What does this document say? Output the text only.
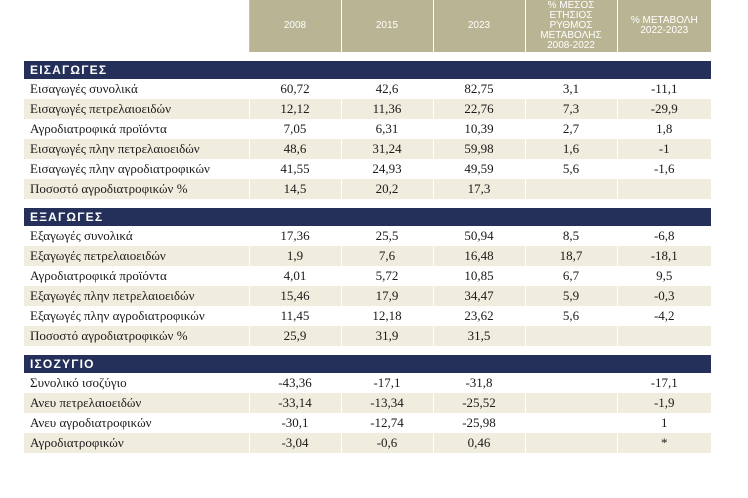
	2008	2015	2023	% ΜΕΣΟΣ ΕΤΗΣΙΟΣ ΡΥΘΜΟΣ ΜΕΤΑΒΟΛΗΣ 2008-2022	% ΜΕΤΑΒΟΛΗ 2022-2023

ΕΙΣΑΓΩΓΕΣ					
Εισαγωγές συνολικά	60,72	42,6	82,75	3,1	-11,1
Εισαγωγές πετρελαιοειδών	12,12	11,36	22,76	7,3	-29,9
Αγροδιατροφικά προϊόντα	7,05	6,31	10,39	2,7	1,8
Εισαγωγές πλην πετρελαιοειδών	48,6	31,24	59,98	1,6	-1
Εισαγωγές πλην αγροδιατροφικών	41,55	24,93	49,59	5,6	-1,6
Ποσοστό αγροδιατροφικών %	14,5	20,2	17,3		

ΕΞΑΓΩΓΕΣ					
Εξαγωγές συνολικά	17,36	25,5	50,94	8,5	-6,8
Εξαγωγές πετρελαιοειδών	1,9	7,6	16,48	18,7	-18,1
Αγροδιατροφικά προϊόντα	4,01	5,72	10,85	6,7	9,5
Εξαγωγές πλην πετρελαιοειδών	15,46	17,9	34,47	5,9	-0,3
Εξαγωγές πλην αγροδιατροφικών	11,45	12,18	23,62	5,6	-4,2
Ποσοστό αγροδιατροφικών %	25,9	31,9	31,5		

ΙΣΟΖΥΓΙΟ					
Συνολικό ισοζύγιο	-43,36	-17,1	-31,8		-17,1
Ανευ πετρελαιοειδών	-33,14	-13,34	-25,52		-1,9
Ανευ αγροδιατροφικών	-30,1	-12,74	-25,98		1
Αγροδιατροφικών	-3,04	-0,6	0,46		*
